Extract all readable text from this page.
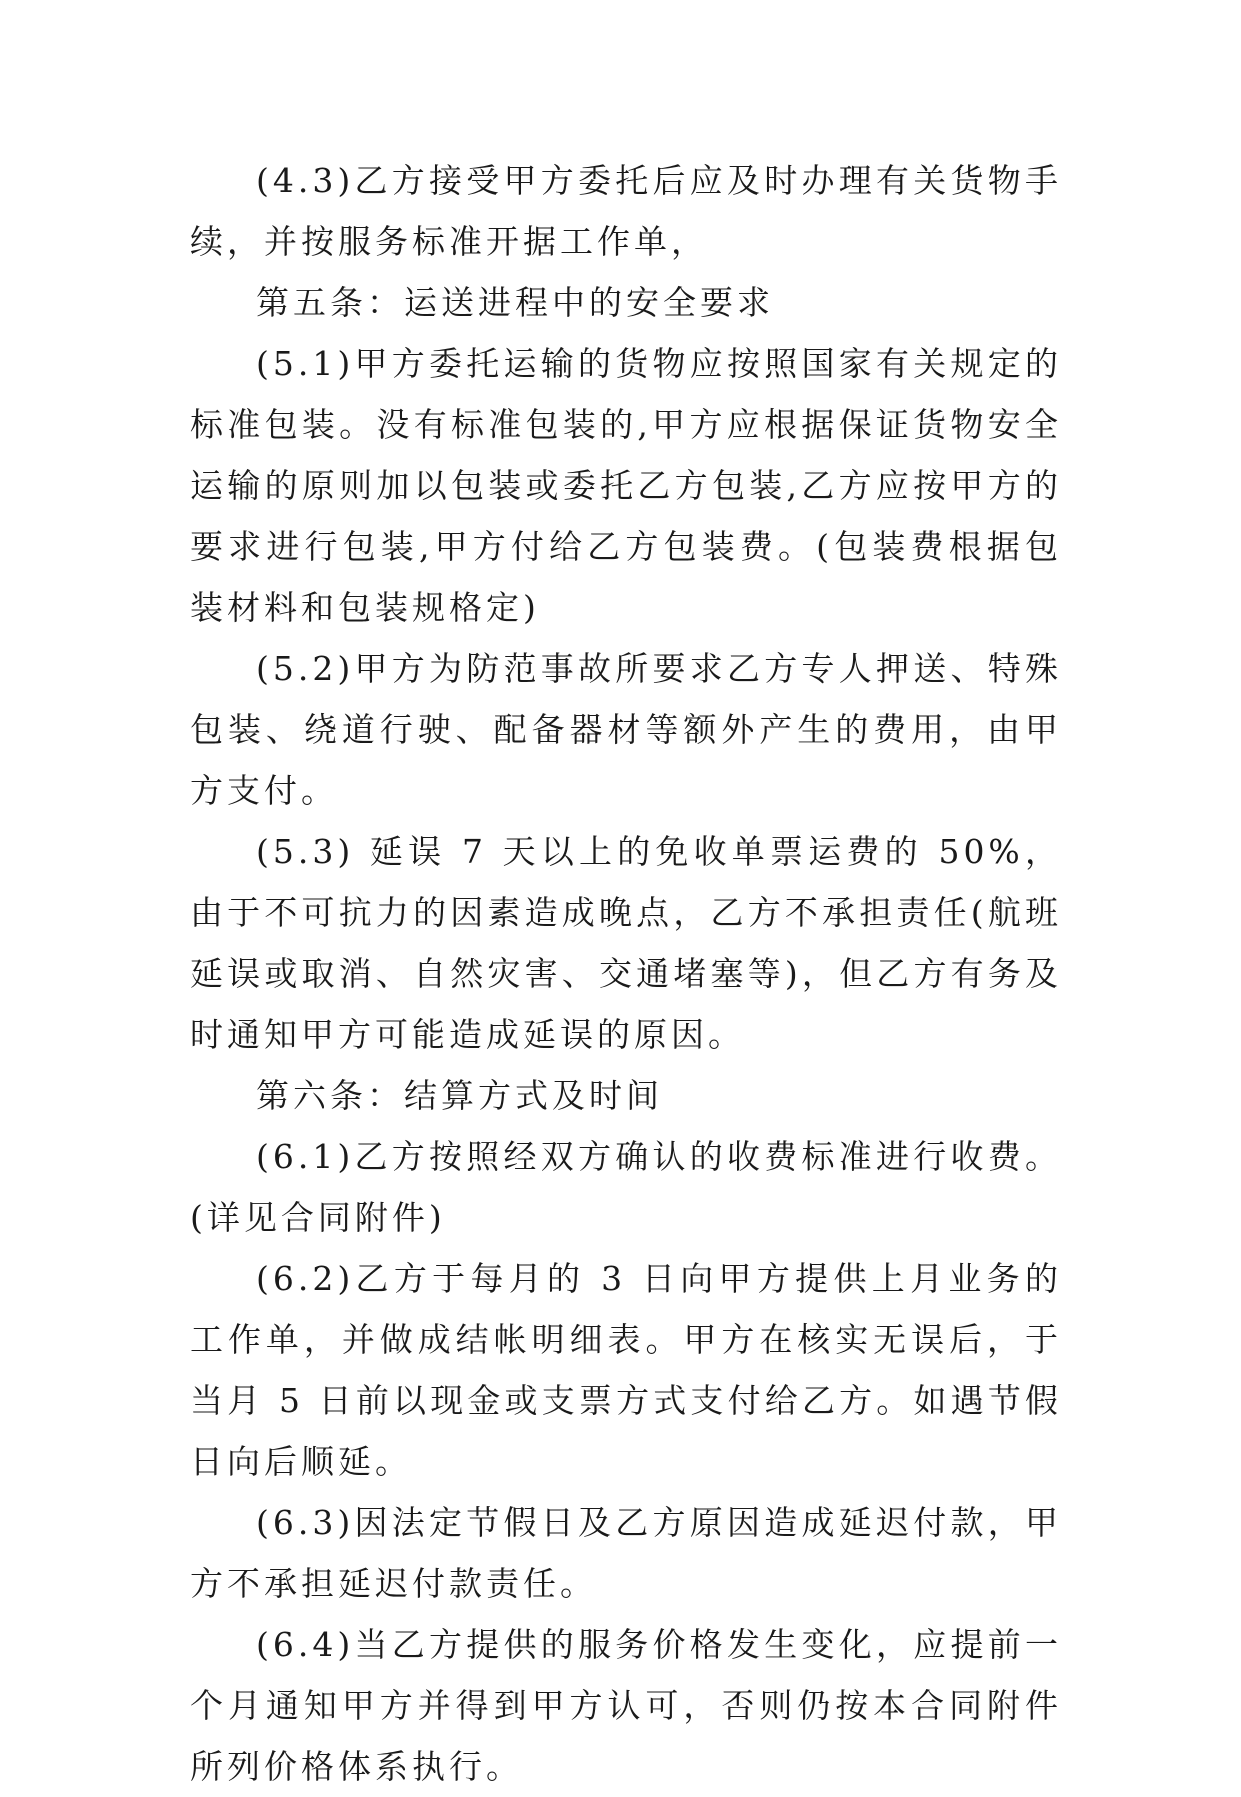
(4.3)乙方接受甲方委托后应及时办理有关货物手续，并按服务标准开据工作单，

第五条：运送进程中的安全要求

(5.1)甲方委托运输的货物应按照国家有关规定的标准包装。没有标准包装的,甲方应根据保证货物安全运输的原则加以包装或委托乙方包装,乙方应按甲方的要求进行包装,甲方付给乙方包装费。(包装费根据包装材料和包装规格定)

(5.2)甲方为防范事故所要求乙方专人押送、特殊包装、绕道行驶、配备器材等额外产生的费用，由甲方支付。

(5.3) 延误 7 天以上的免收单票运费的 50%，由于不可抗力的因素造成晚点，乙方不承担责任(航班延误或取消、自然灾害、交通堵塞等)，但乙方有务及时通知甲方可能造成延误的原因。

第六条：结算方式及时间

(6.1)乙方按照经双方确认的收费标准进行收费。(详见合同附件)

(6.2)乙方于每月的 3 日向甲方提供上月业务的工作单，并做成结帐明细表。甲方在核实无误后，于当月 5 日前以现金或支票方式支付给乙方。如遇节假日向后顺延。

(6.3)因法定节假日及乙方原因造成延迟付款，甲方不承担延迟付款责任。

(6.4)当乙方提供的服务价格发生变化，应提前一个月通知甲方并得到甲方认可，否则仍按本合同附件所列价格体系执行。
